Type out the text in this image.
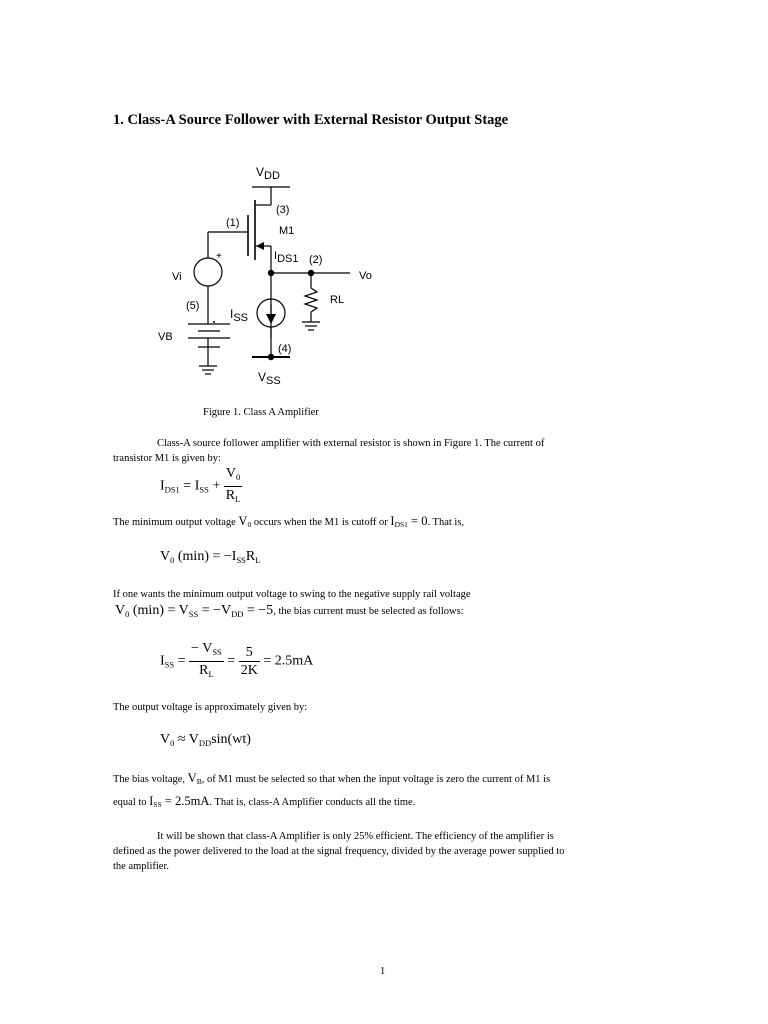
1. Class-A Source Follower with External Resistor Output Stage
VDD
(3)
(1)
M1
+	IDS1 (2)
Vo
Vi
(5)
ISS
RL
VB
(4)
VSS
Figure 1. Class A Amplifier
Class-A source follower amplifier with external resistor is shown in Figure 1. The current of
transistor M1 is given by:
$I_{DS1} = I_{SS} + \frac{V_0}{R_L}$
The minimum output voltage V0 occurs when the M1 is cutoff or IDS1 = 0. That is,
$V_0$ $(\min) = -I_{SS}R_L$
If one wants the minimum output voltage to swing to the negative supply rail voltage
$V_0$ $(\min) = V_{SS} = -V_{DD} = -5$, the bias current must be selected as follows:
$I_{SS} = \frac{- V_{SS}}{R_L} = \frac{5}{2K} = 2.5mA$
The output voltage is approximately given by:
$V_0 \approx V_{DD}\sin(wt)$
The bias voltage, VB, of M1 must be selected so that when the input voltage is zero the current of M1 is
equal to ISS = 2.5mA. That is, class-A Amplifier conducts all the time.
It will be shown that class-A Amplifier is only 25% efficient. The efficiency of the amplifier is
defined as the power delivered to the load at the signal frequency, divided by the average power supplied to
the amplifier.
1
